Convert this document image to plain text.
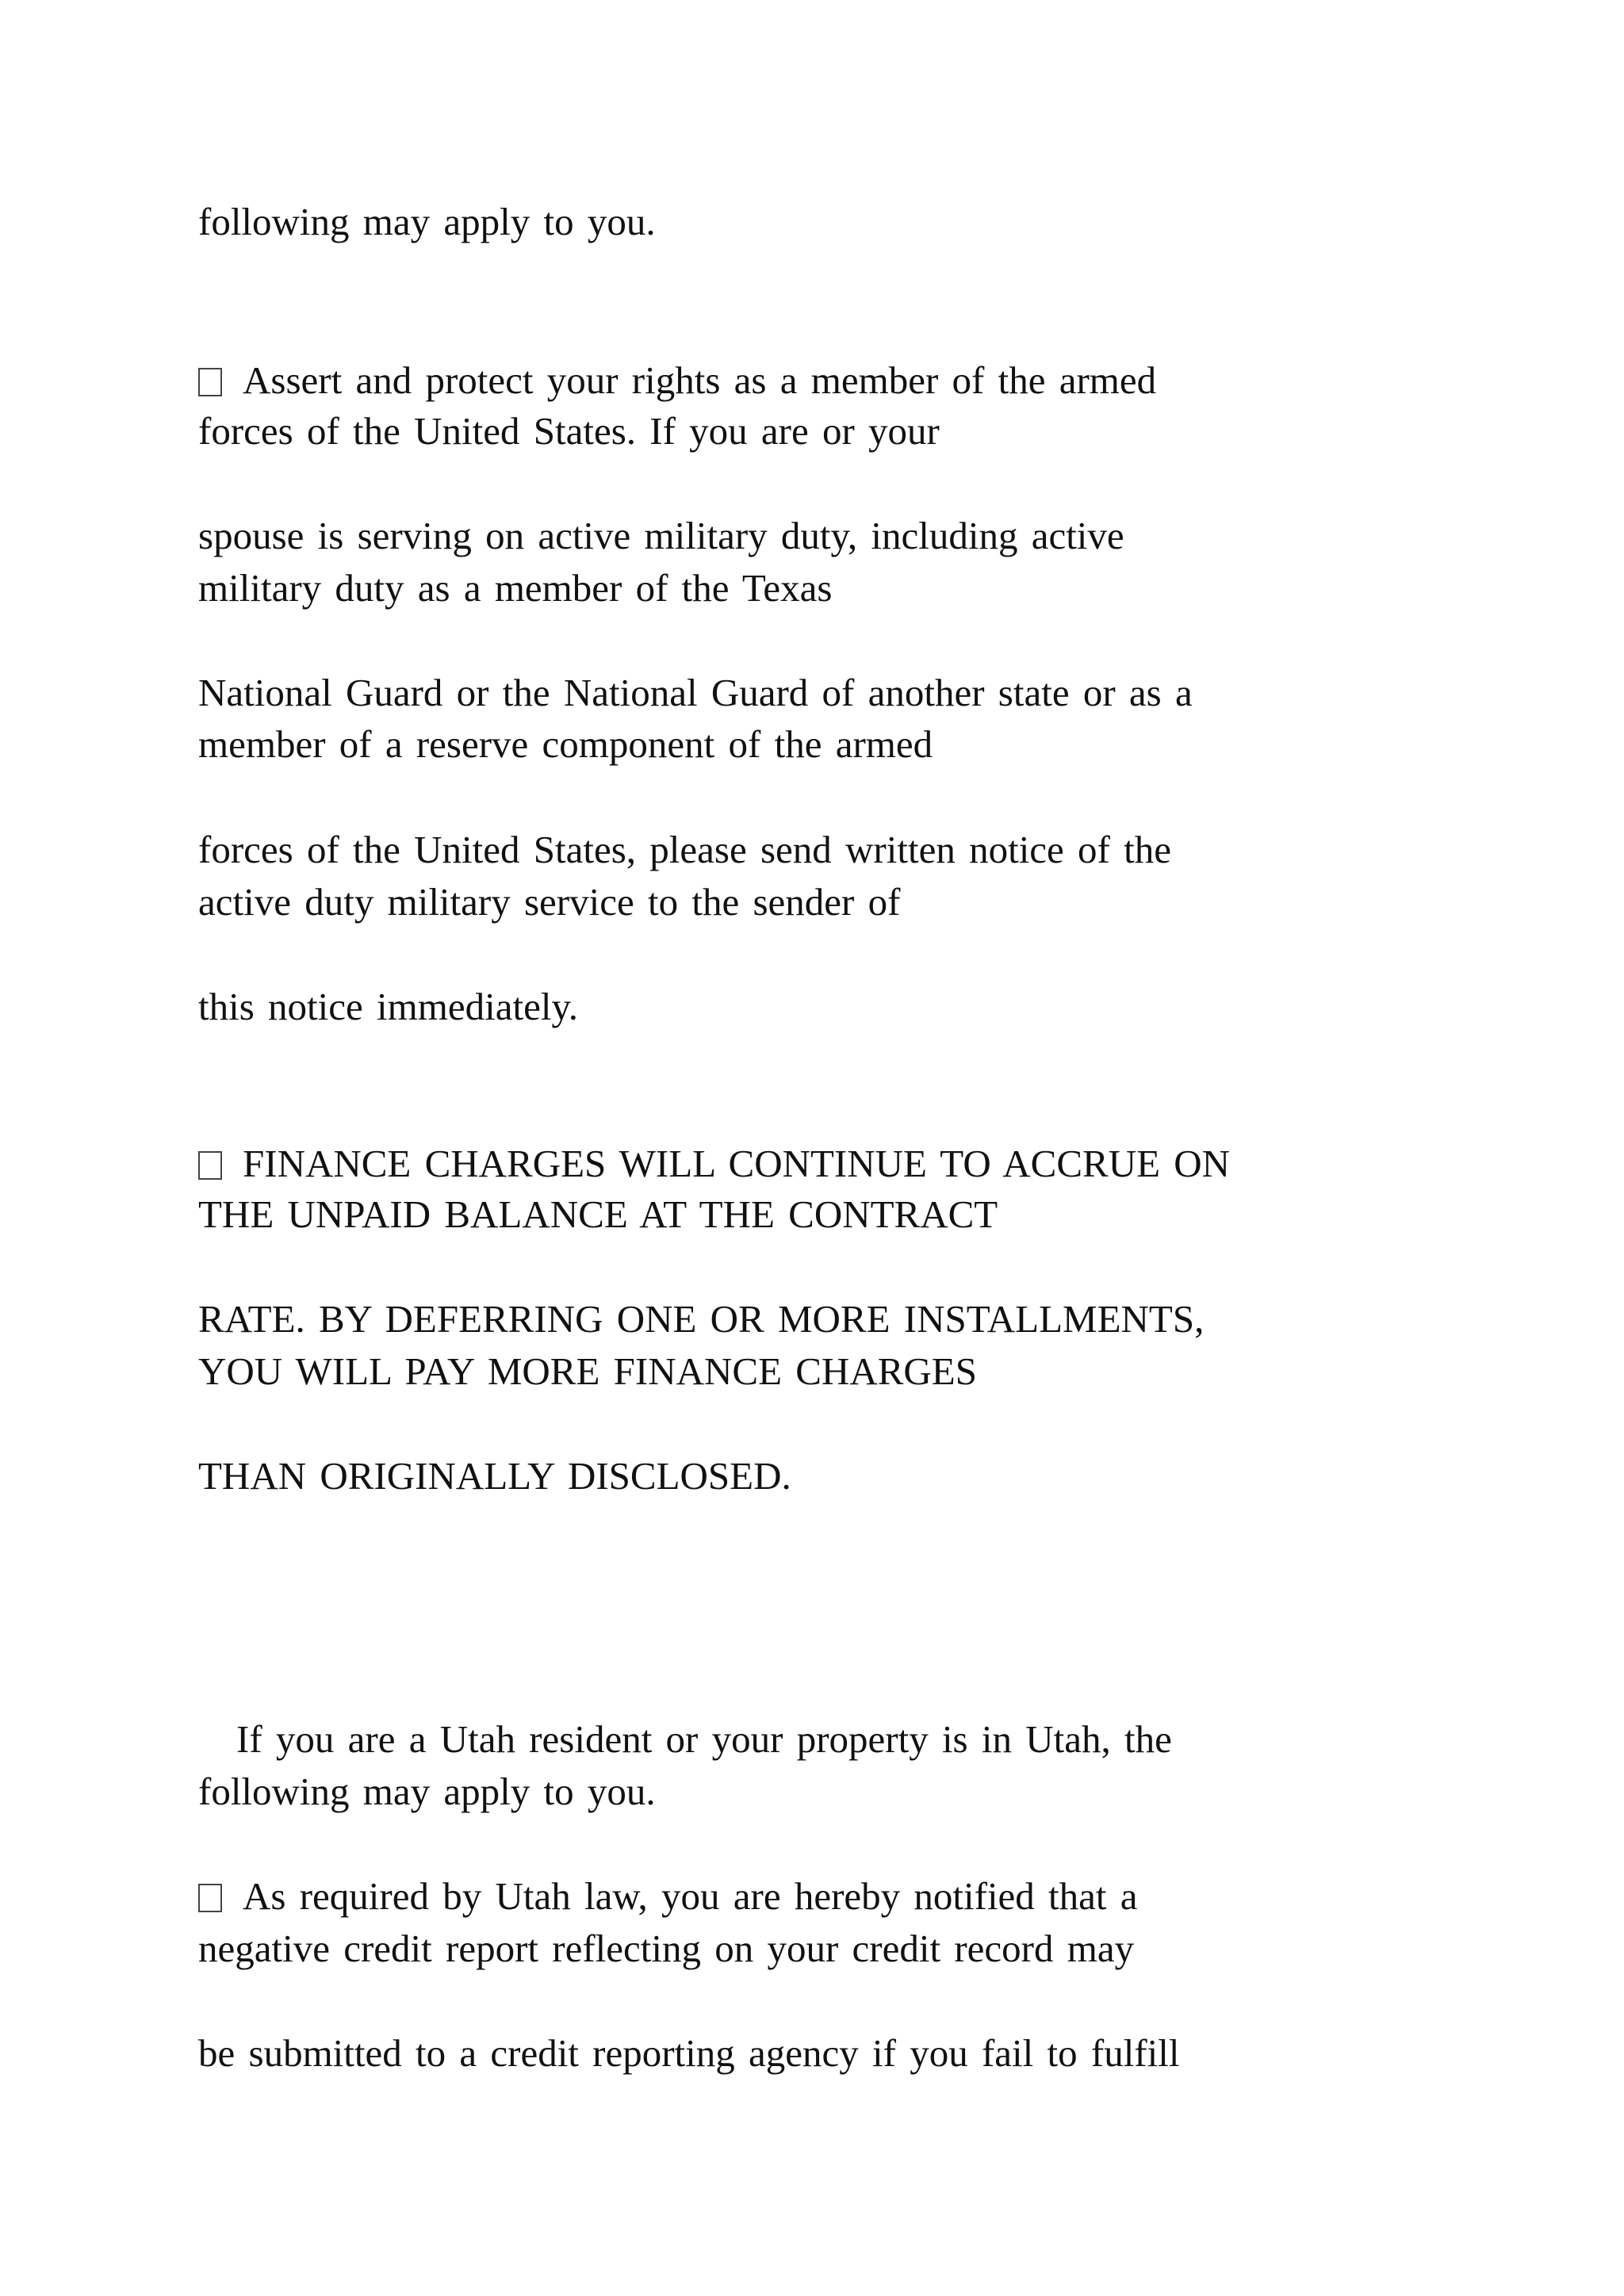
following may apply to you.
Assert and protect your rights as a member of the armed
forces of the United States. If you are or your
spouse is serving on active military duty, including active
military duty as a member of the Texas
National Guard or the National Guard of another state or as a
member of a reserve component of the armed
forces of the United States, please send written notice of the
active duty military service to the sender of
this notice immediately.
FINANCE CHARGES WILL CONTINUE TO ACCRUE ON
THE UNPAID BALANCE AT THE CONTRACT
RATE. BY DEFERRING ONE OR MORE INSTALLMENTS,
YOU WILL PAY MORE FINANCE CHARGES
THAN ORIGINALLY DISCLOSED.
If you are a Utah resident or your property is in Utah, the
following may apply to you.
As required by Utah law, you are hereby notified that a
negative credit report reflecting on your credit record may
be submitted to a credit reporting agency if you fail to fulfill
